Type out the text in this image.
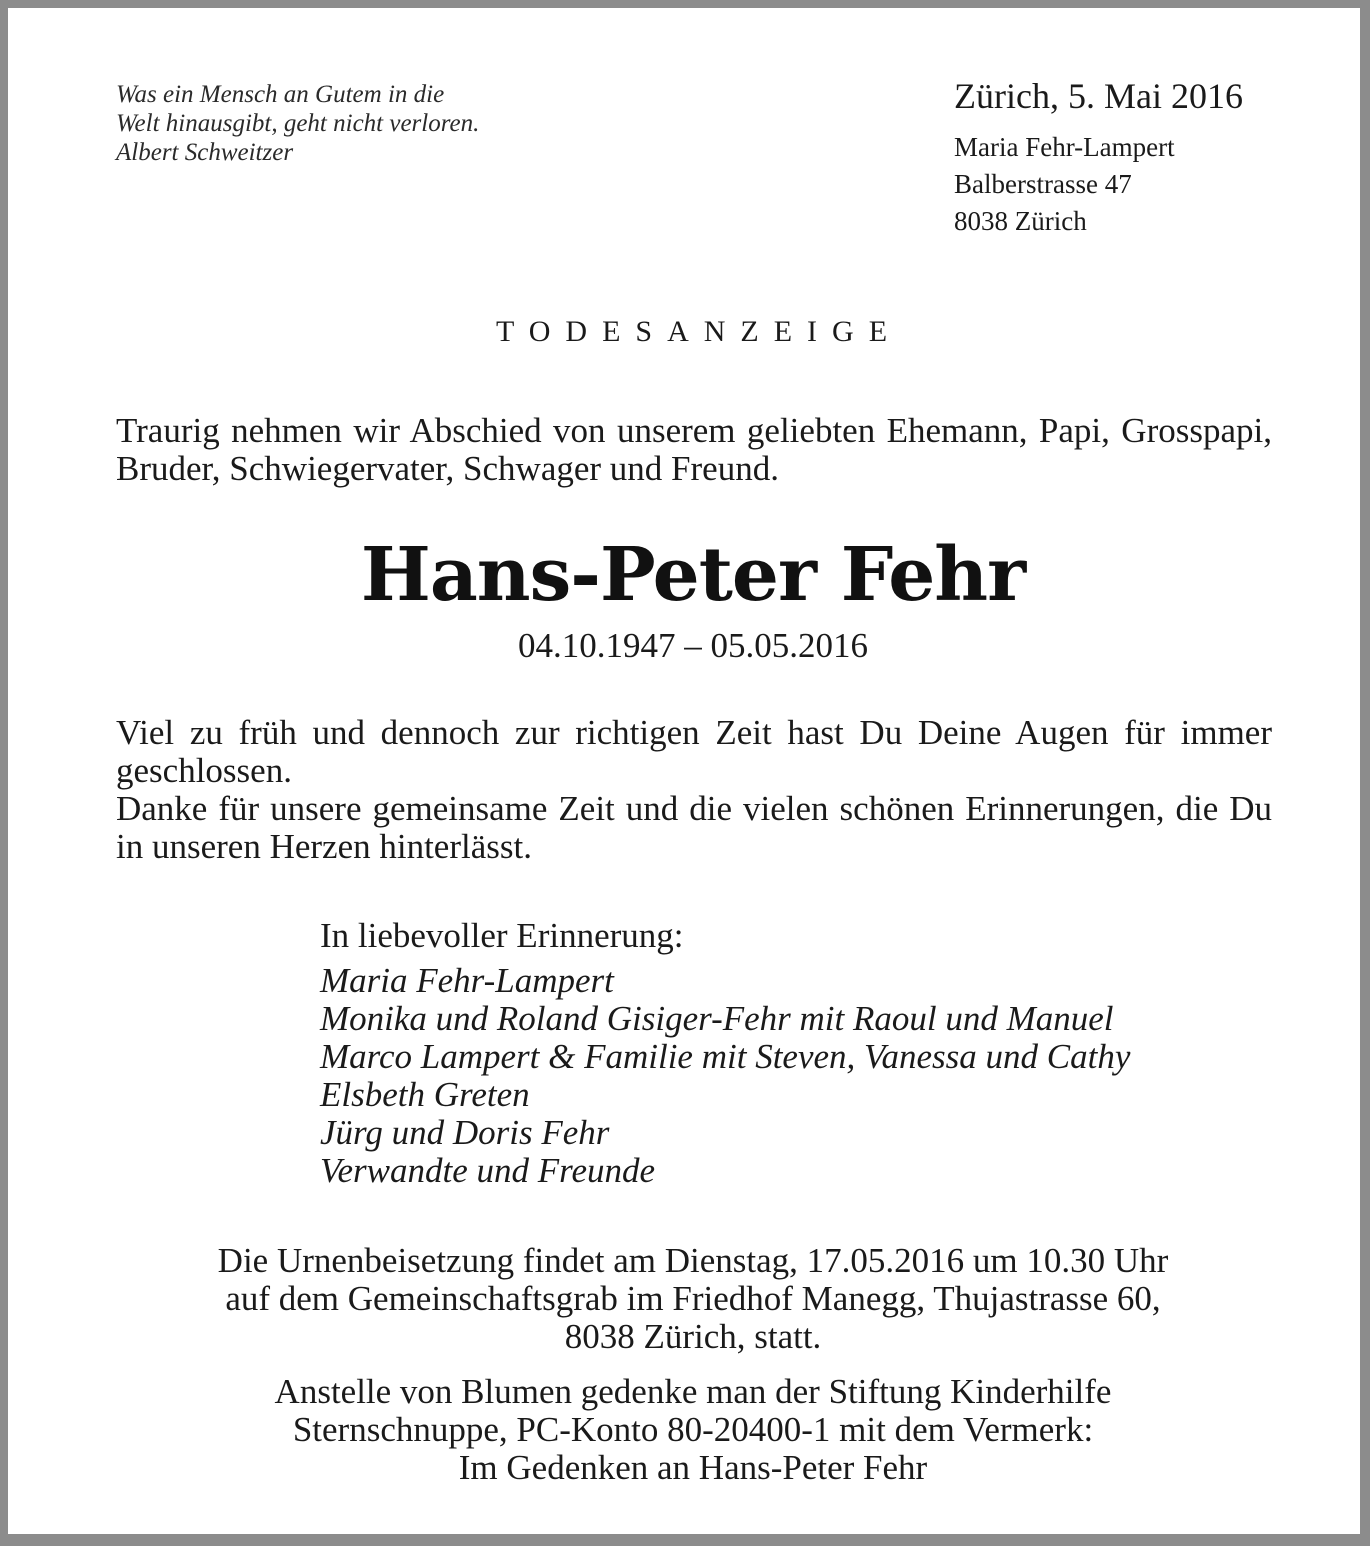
Was ein Mensch an Gutem in die
Welt hinausgibt, geht nicht verloren.
Albert Schweitzer
Zürich, 5. Mai 2016
Maria Fehr-Lampert
Balberstrasse 47
8038 Zürich
TODESANZEIGE

Traurig nehmen wir Abschied von unserem geliebten Ehemann, Papi, Grosspapi, Bruder, Schwiegervater, Schwager und Freund.

Hans-Peter Fehr
04.10.1947 – 05.05.2016
Viel zu früh und dennoch zur richtigen Zeit hast Du Deine Augen für immer geschlossen.
Danke für unsere gemeinsame Zeit und die vielen schönen Erinnerungen, die Du in unseren Herzen hinterlässt.
In liebevoller Erinnerung:
Maria Fehr-Lampert
Monika und Roland Gisiger-Fehr mit Raoul und Manuel
Marco Lampert & Familie mit Steven, Vanessa und Cathy
Elsbeth Greten
Jürg und Doris Fehr
Verwandte und Freunde
Die Urnenbeisetzung findet am Dienstag, 17.05.2016 um 10.30 Uhr
auf dem Gemeinschaftsgrab im Friedhof Manegg, Thujastrasse 60,
8038 Zürich, statt.
Anstelle von Blumen gedenke man der Stiftung Kinderhilfe
Sternschnuppe, PC-Konto 80-20400-1 mit dem Vermerk:
Im Gedenken an Hans-Peter Fehr
